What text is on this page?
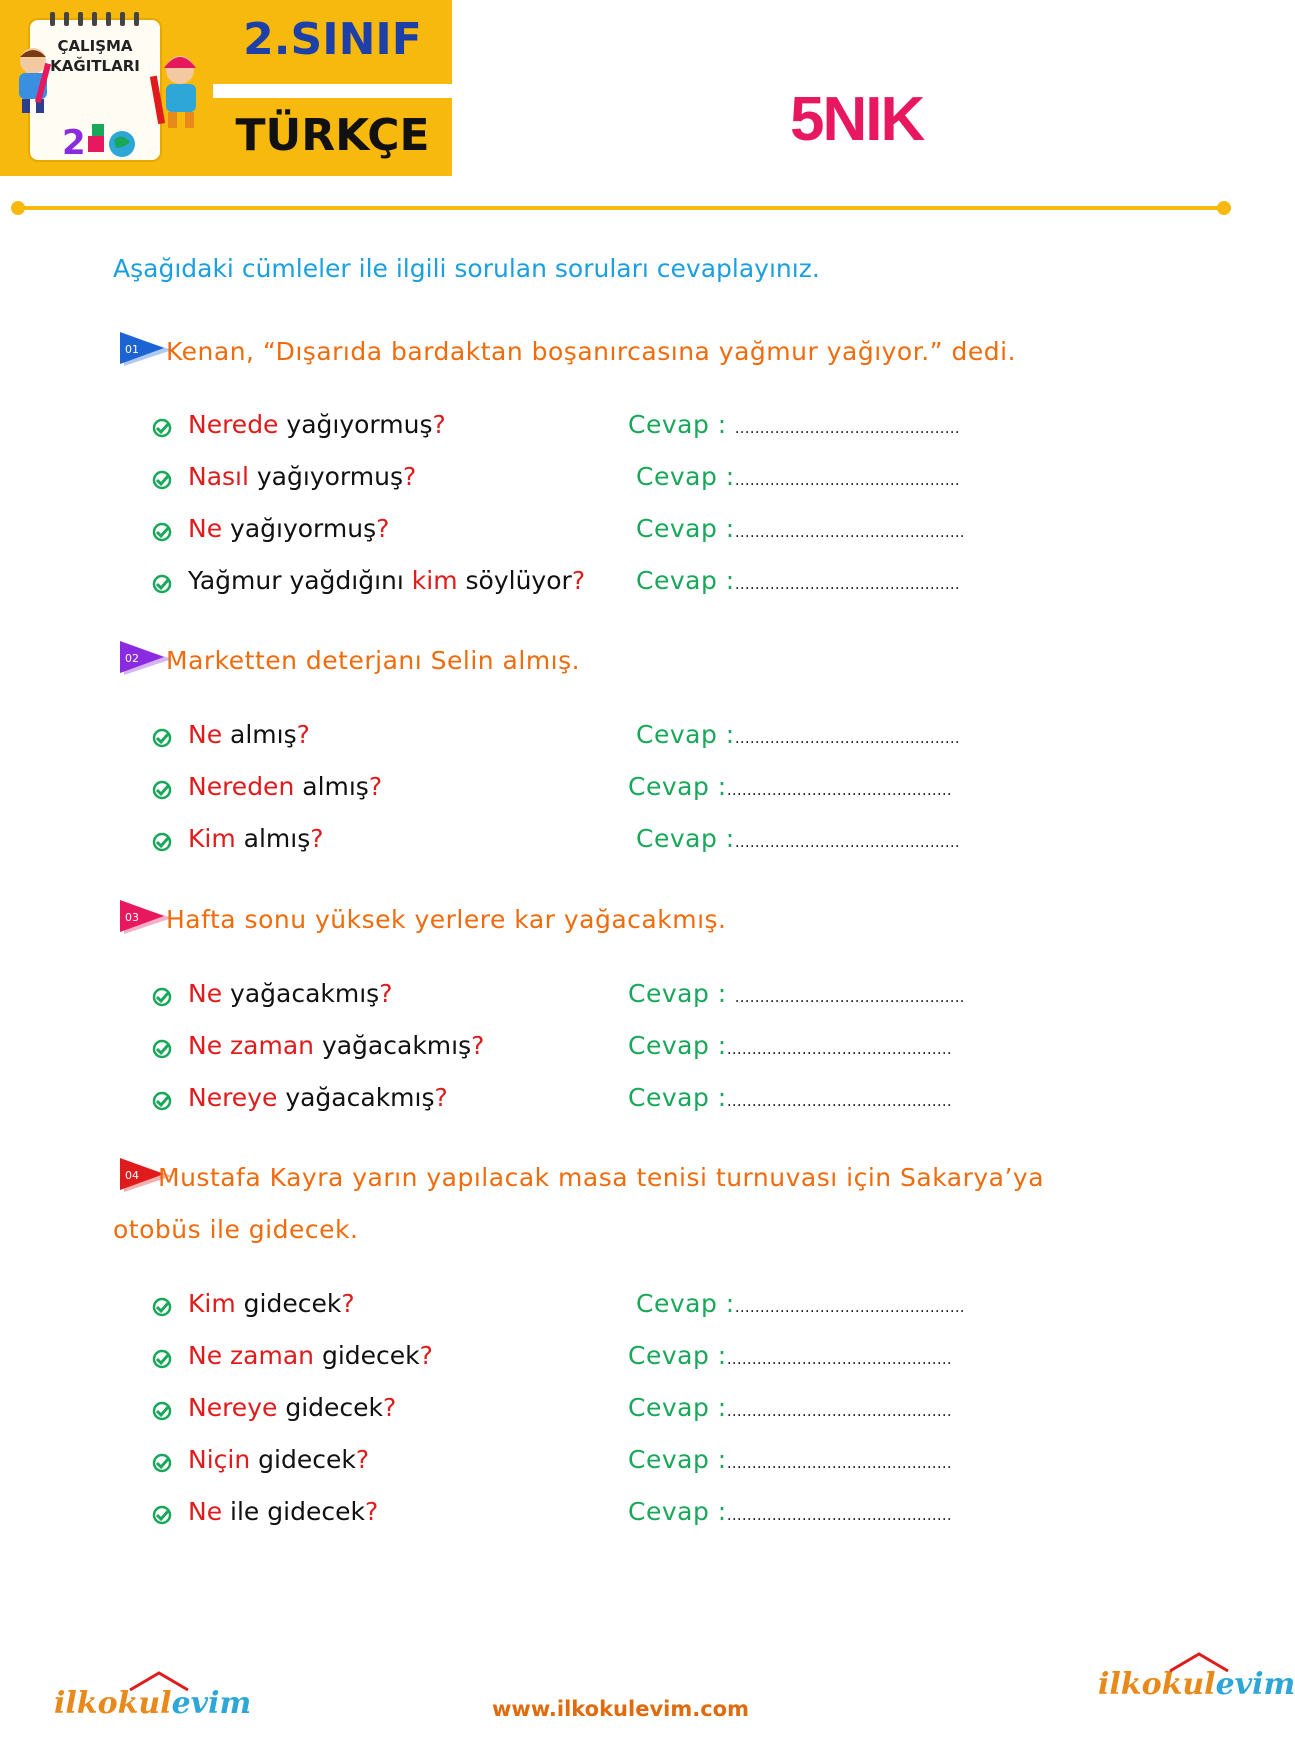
ÇALIŞMA
KAĞITLARI
2
2.SINIF
TÜRKÇE	5NIK
Aşağıdaki cümleler ile ilgili sorulan soruları cevaplayınız.
01 Kenan, “Dışarıda bardaktan boşanırcasına yağmur yağıyor.” dedi.
Nerede yağıyormuş?	Cevap : ………………………………………
Nasıl yağıyormuş?	Cevap :………………………………………
Ne yağıyormuş?	Cevap :……………………………………….
Yağmur yağdığını kim söylüyor? Cevap :………………………………………
02 Marketten deterjanı Selin almış.
Ne almış?	Cevap :………………………………………
Nereden almış?	Cevap :………………………………………
Kim almış?	Cevap :………………………………………
03 Hafta sonu yüksek yerlere kar yağacakmış.
Ne yağacakmış?	Cevap : ……………………………………….
Ne zaman yağacakmış?	Cevap :………………………………………
Nereye yağacakmış?	Cevap :………………………………………
04 Mustafa Kayra yarın yapılacak masa tenisi turnuvası için Sakarya’ya
otobüs ile gidecek.
Kim gidecek?	Cevap :……………………………………….
Ne zaman gidecek?	Cevap :………………………………………
Nereye gidecek?	Cevap :………………………………………
Niçin gidecek?	Cevap :………………………………………
Ne ile gidecek?	Cevap :………………………………………
ilkokulevim	www.ilkokulevim.com
ilkokulevim
